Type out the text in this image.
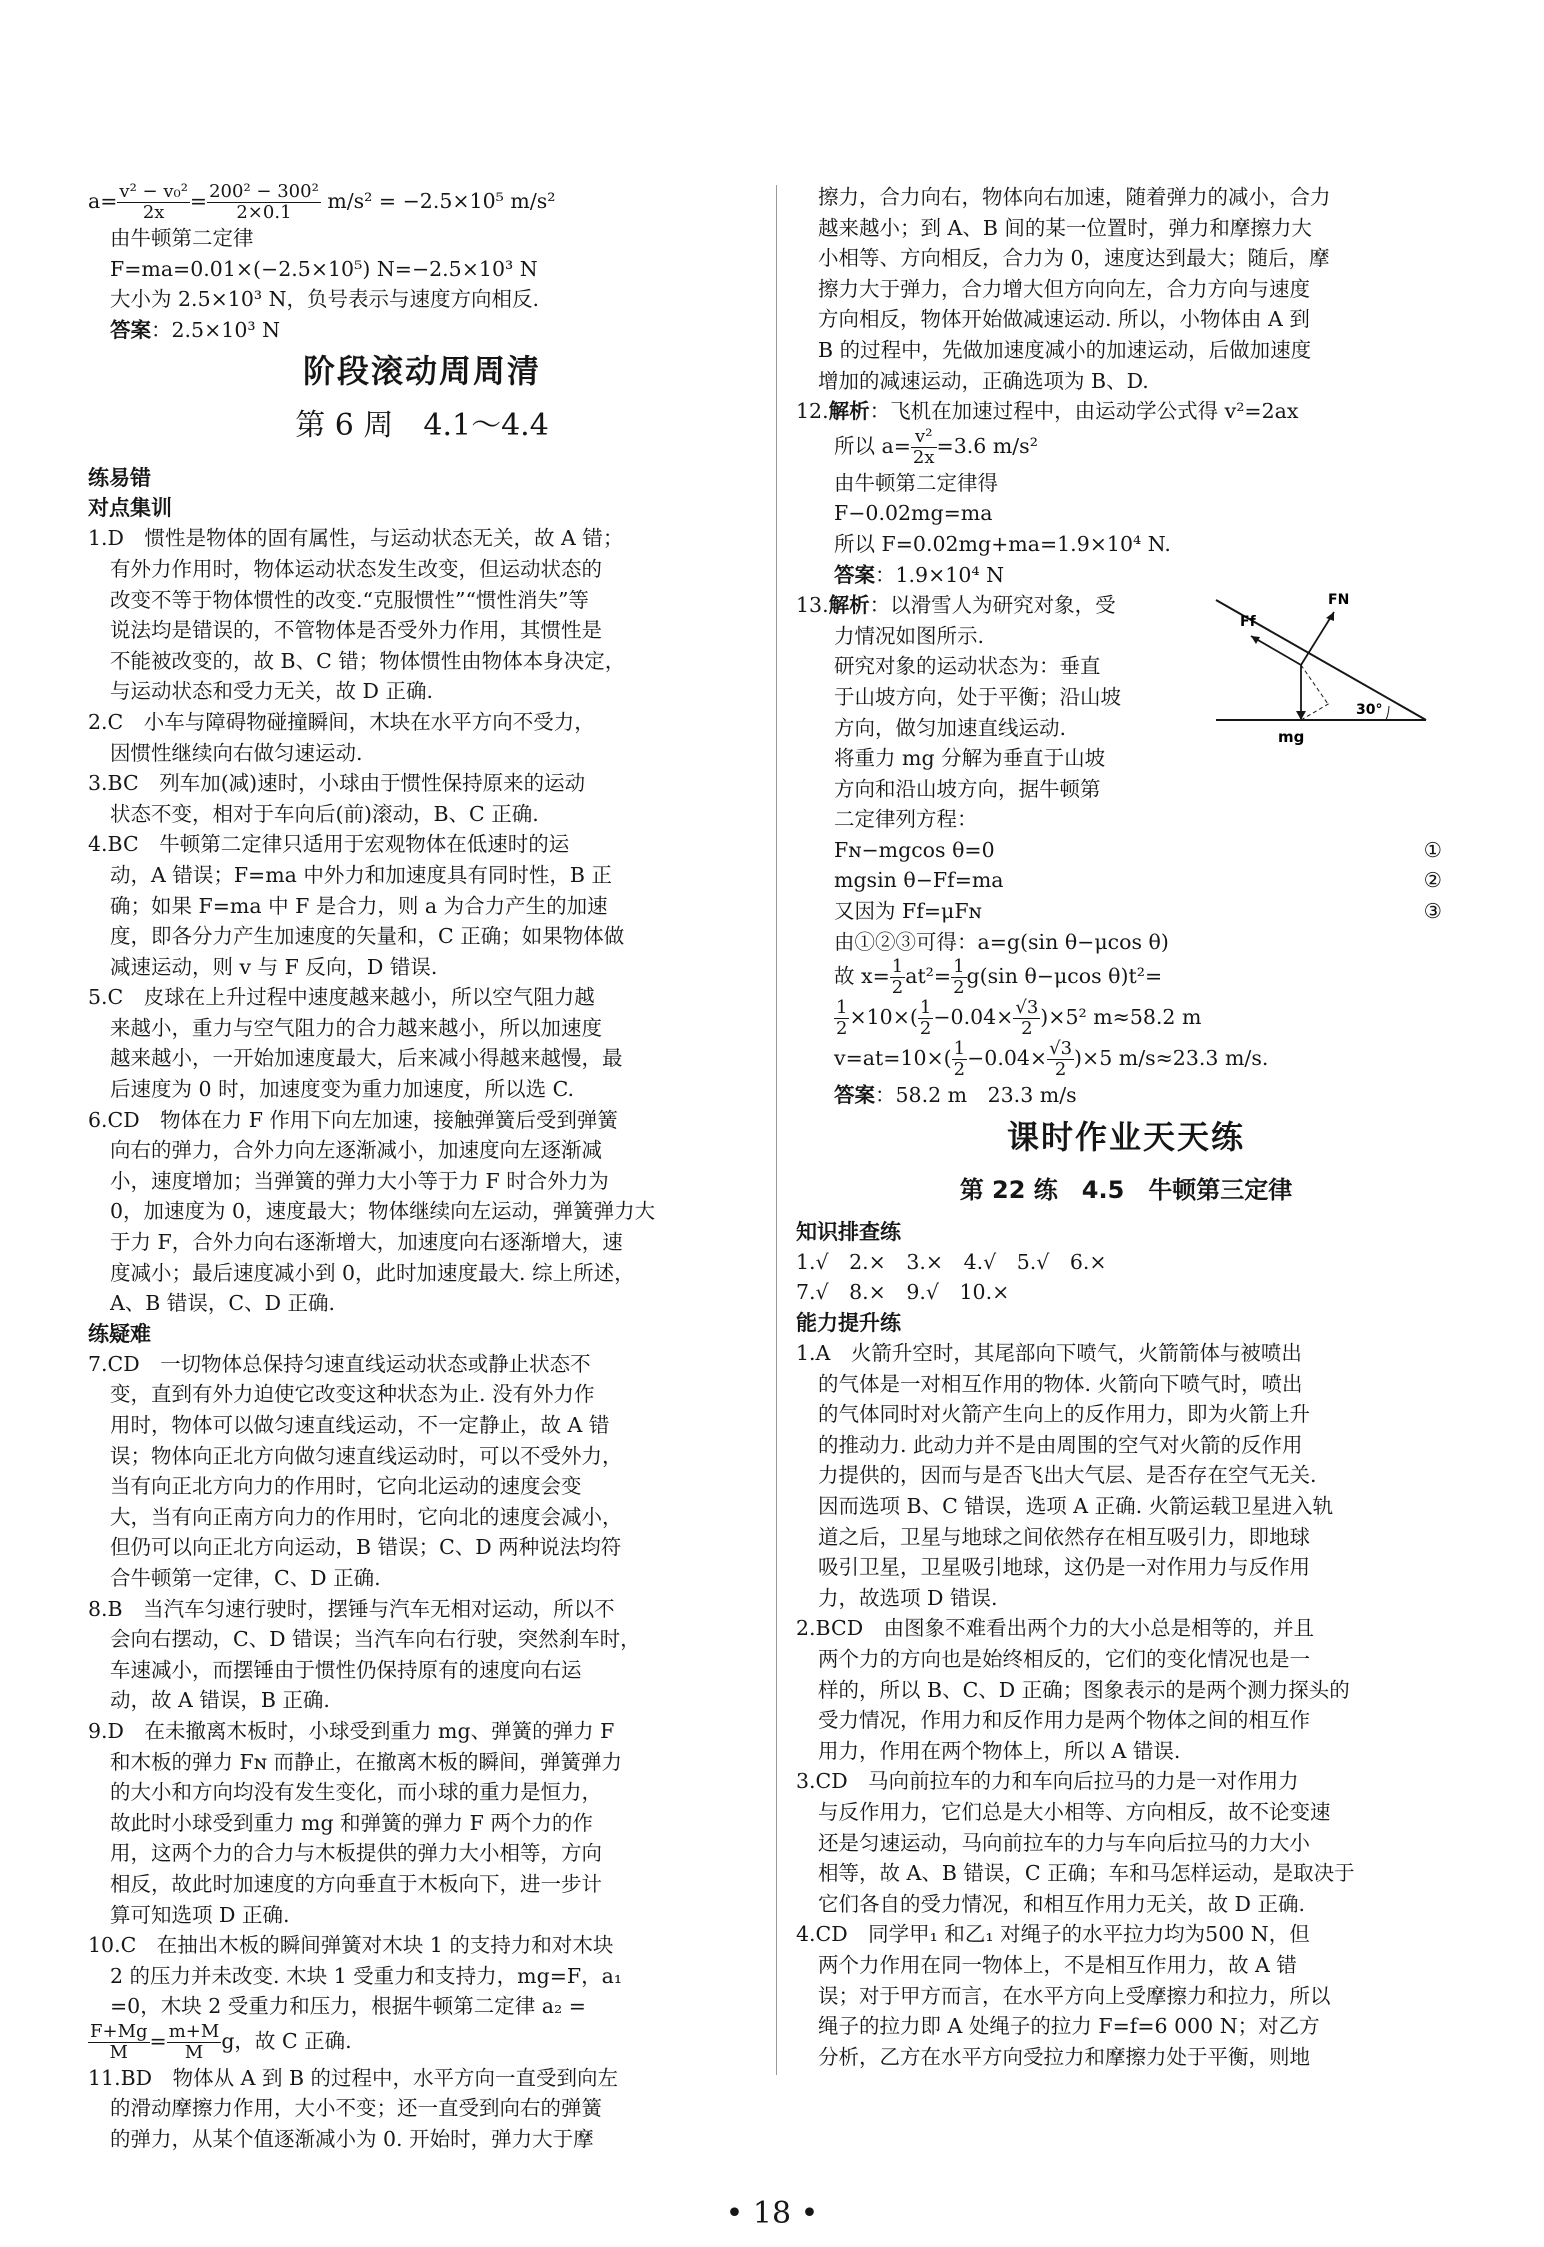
$a= \frac{\text{v² − v₀²}}{2x} = \frac{\text{200² − 300²}}{2\times 0.1} m/s^2 = -2.5\times 10^5$ m/s²
由牛顿第二定律
F=ma=0.01×(−2.5×10⁵) N=−2.5×10³ N
大小为 2.5×10³ N，负号表示与速度方向相反.
答案：2.5×10³ N
阶段滚动周周清
第 6 周　4.1～4.4
练易错
对点集训
1.D　惯性是物体的固有属性，与运动状态无关，故 A 错；
有外力作用时，物体运动状态发生改变，但运动状态的
改变不等于物体惯性的改变.“克服惯性”“惯性消失”等
说法均是错误的，不管物体是否受外力作用，其惯性是
不能被改变的，故 B、C 错；物体惯性由物体本身决定，
与运动状态和受力无关，故 D 正确.
2.C　小车与障碍物碰撞瞬间，木块在水平方向不受力，
因惯性继续向右做匀速运动.
3.BC　列车加(减)速时，小球由于惯性保持原来的运动
状态不变，相对于车向后(前)滚动，B、C 正确.
4.BC　牛顿第二定律只适用于宏观物体在低速时的运
动，A 错误；F=ma 中外力和加速度具有同时性，B 正
确；如果 F=ma 中 F 是合力，则 a 为合力产生的加速
度，即各分力产生加速度的矢量和，C 正确；如果物体做
减速运动，则 v 与 F 反向，D 错误.
5.C　皮球在上升过程中速度越来越小，所以空气阻力越
来越小，重力与空气阻力的合力越来越小，所以加速度
越来越小，一开始加速度最大，后来减小得越来越慢，最
后速度为 0 时，加速度变为重力加速度，所以选 C.
6.CD　物体在力 F 作用下向左加速，接触弹簧后受到弹簧
向右的弹力，合外力向左逐渐减小，加速度向左逐渐减
小，速度增加；当弹簧的弹力大小等于力 F 时合外力为
0，加速度为 0，速度最大；物体继续向左运动，弹簧弹力大
于力 F，合外力向右逐渐增大，加速度向右逐渐增大，速
度减小；最后速度减小到 0，此时加速度最大. 综上所述，
A、B 错误，C、D 正确.
练疑难
7.CD　一切物体总保持匀速直线运动状态或静止状态不
变，直到有外力迫使它改变这种状态为止. 没有外力作
用时，物体可以做匀速直线运动，不一定静止，故 A 错
误；物体向正北方向做匀速直线运动时，可以不受外力，
当有向正北方向力的作用时，它向北运动的速度会变
大，当有向正南方向力的作用时，它向北的速度会减小，
但仍可以向正北方向运动，B 错误；C、D 两种说法均符
合牛顿第一定律，C、D 正确.
8.B　当汽车匀速行驶时，摆锤与汽车无相对运动，所以不
会向右摆动，C、D 错误；当汽车向右行驶，突然刹车时，
车速减小，而摆锤由于惯性仍保持原有的速度向右运
动，故 A 错误，B 正确.
9.D　在未撤离木板时，小球受到重力 mg、弹簧的弹力 F
和木板的弹力 Fɴ 而静止，在撤离木板的瞬间，弹簧弹力
的大小和方向均没有发生变化，而小球的重力是恒力，
故此时小球受到重力 mg 和弹簧的弹力 F 两个力的作
用，这两个力的合力与木板提供的弹力大小相等，方向
相反，故此时加速度的方向垂直于木板向下，进一步计
算可知选项 D 正确.
10.C　在抽出木板的瞬间弹簧对木块 1 的支持力和对木块
2 的压力并未改变. 木块 1 受重力和支持力，mg=F，a₁
=0，木块 2 受重力和压力，根据牛顿第二定律 a₂ =
$\frac{F+Mg}{M} = \frac{m+M}{M}$ g，故 C 正确.
11.BD　物体从 A 到 B 的过程中，水平方向一直受到向左
的滑动摩擦力作用，大小不变；还一直受到向右的弹簧
的弹力，从某个值逐渐减小为 0. 开始时，弹力大于摩
擦力，合力向右，物体向右加速，随着弹力的减小，合力
越来越小；到 A、B 间的某一位置时，弹力和摩擦力大
小相等、方向相反，合力为 0，速度达到最大；随后，摩
擦力大于弹力，合力增大但方向向左，合力方向与速度
方向相反，物体开始做减速运动. 所以，小物体由 A 到
B 的过程中，先做加速度减小的加速运动，后做加速度
增加的减速运动，正确选项为 B、D.
12.解析：飞机在加速过程中，由运动学公式得 v²=2ax
所以 $a= \frac{\text{v²}}{2x} =3.6$ m/s²
由牛顿第二定律得
F−0.02mg=ma
所以 F=0.02mg+ma=1.9×10⁴ N.
答案：1.9×10⁴ N
Ff
FN
mg
30°
13.解析：以滑雪人为研究对象，受
力情况如图所示.
研究对象的运动状态为：垂直
于山坡方向，处于平衡；沿山坡
方向，做匀加速直线运动.
将重力 mg 分解为垂直于山坡
方向和沿山坡方向，据牛顿第
二定律列方程：
Fɴ−mgcos θ=0	①
mgsin θ−Ff=ma	②
又因为 Ff=μFɴ	③
由①②③可得：a=g(sin θ−μcos θ)
故 $x= \frac{1}{2} at^2= \frac{1}{2} g(\sin$ θ−μcos θ)t²=
$\frac{1}{2} \times 10\times( \frac{1}{2} -0.04\times \frac{√3}{2} )\times 5^2$ m≈58.2 m
$v=at=10\times( \frac{1}{2} -0.04\times \frac{√3}{2} )\times 5$ m/s≈23.3 m/s.
答案：58.2 m　23.3 m/s
课时作业天天练
第 22 练　4.5　牛顿第三定律
知识排查练
1.√　2.×　3.×　4.√　5.√　6.×
7.√　8.×　9.√　10.×
能力提升练
1.A　火箭升空时，其尾部向下喷气，火箭箭体与被喷出
的气体是一对相互作用的物体. 火箭向下喷气时，喷出
的气体同时对火箭产生向上的反作用力，即为火箭上升
的推动力. 此动力并不是由周围的空气对火箭的反作用
力提供的，因而与是否飞出大气层、是否存在空气无关.
因而选项 B、C 错误，选项 A 正确. 火箭运载卫星进入轨
道之后，卫星与地球之间依然存在相互吸引力，即地球
吸引卫星，卫星吸引地球，这仍是一对作用力与反作用
力，故选项 D 错误.
2.BCD　由图象不难看出两个力的大小总是相等的，并且
两个力的方向也是始终相反的，它们的变化情况也是一
样的，所以 B、C、D 正确；图象表示的是两个测力探头的
受力情况，作用力和反作用力是两个物体之间的相互作
用力，作用在两个物体上，所以 A 错误.
3.CD　马向前拉车的力和车向后拉马的力是一对作用力
与反作用力，它们总是大小相等、方向相反，故不论变速
还是匀速运动，马向前拉车的力与车向后拉马的力大小
相等，故 A、B 错误，C 正确；车和马怎样运动，是取决于
它们各自的受力情况，和相互作用力无关，故 D 正确.
4.CD　同学甲₁ 和乙₁ 对绳子的水平拉力均为500 N，但
两个力作用在同一物体上，不是相互作用力，故 A 错
误；对于甲方而言，在水平方向上受摩擦力和拉力，所以
绳子的拉力即 A 处绳子的拉力 F=f=6 000 N；对乙方
分析，乙方在水平方向受拉力和摩擦力处于平衡，则地
• 18 •
